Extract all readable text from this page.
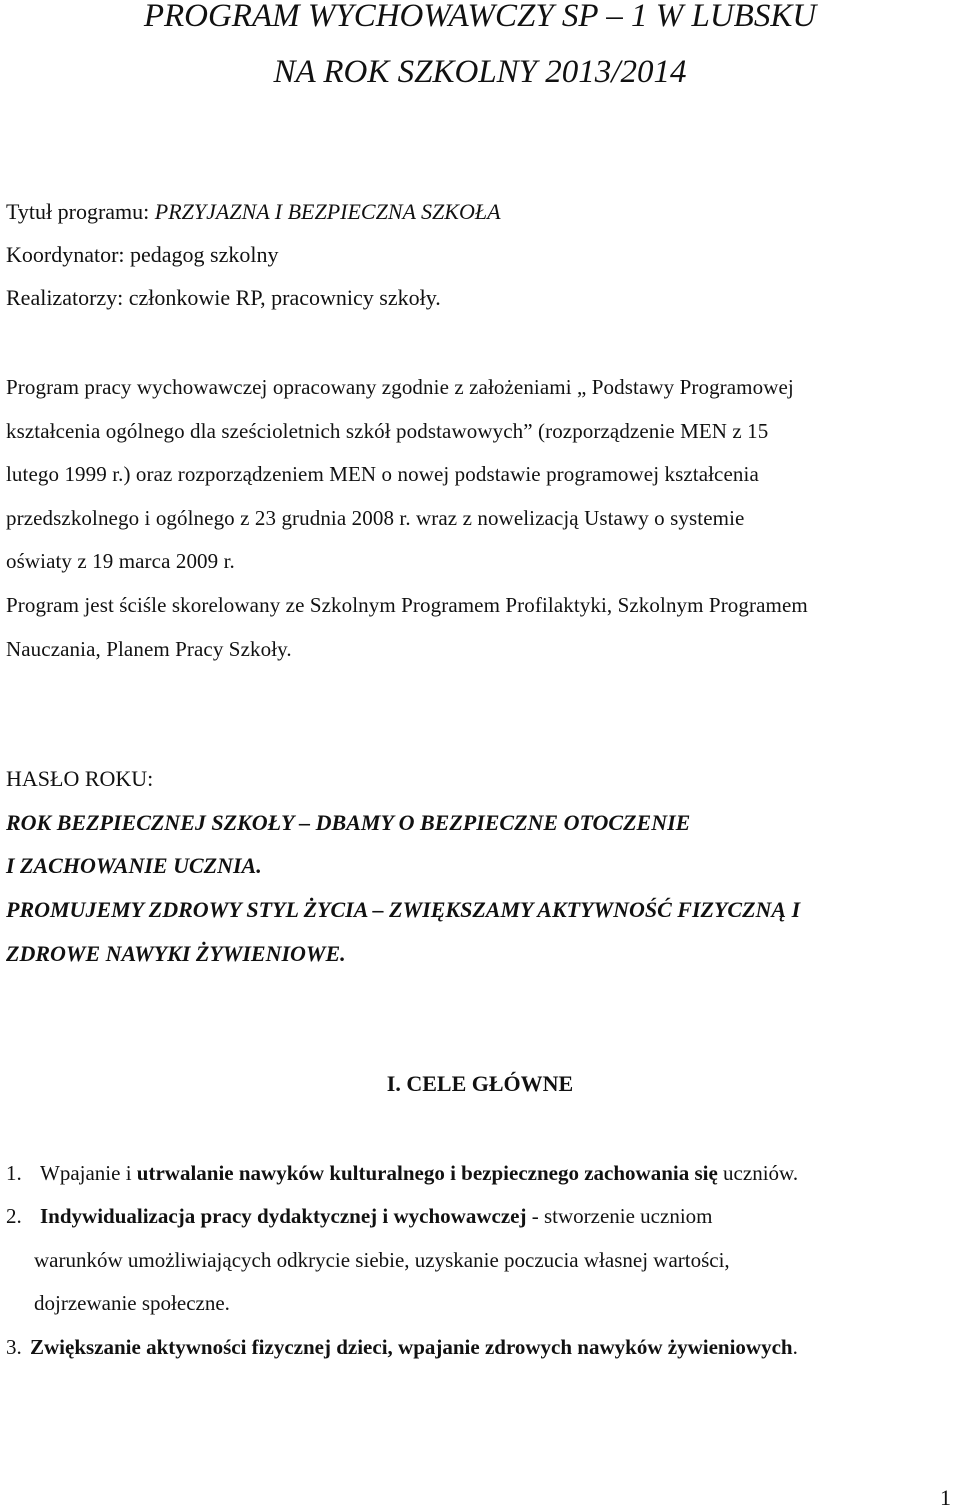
PROGRAM WYCHOWAWCZY SP – 1 W LUBSKU
NA ROK SZKOLNY 2013/2014
Tytuł programu: PRZYJAZNA I BEZPIECZNA SZKOŁA
Koordynator: pedagog szkolny
Realizatorzy: członkowie RP, pracownicy szkoły.
Program pracy wychowawczej opracowany zgodnie z założeniami „ Podstawy Programowej
kształcenia ogólnego dla sześcioletnich szkół podstawowych” (rozporządzenie MEN z 15
lutego 1999 r.) oraz rozporządzeniem MEN o nowej podstawie programowej kształcenia
przedszkolnego i ogólnego z 23 grudnia 2008 r. wraz z nowelizacją Ustawy o systemie
oświaty z 19 marca 2009 r.
Program jest ściśle skorelowany ze Szkolnym Programem Profilaktyki, Szkolnym Programem
Nauczania, Planem Pracy Szkoły.
HASŁO ROKU:
ROK BEZPIECZNEJ SZKOŁY – DBAMY O BEZPIECZNE OTOCZENIE
I ZACHOWANIE UCZNIA.
PROMUJEMY ZDROWY STYL ŻYCIA – ZWIĘKSZAMY AKTYWNOŚĆ FIZYCZNĄ I
ZDROWE NAWYKI ŻYWIENIOWE.
I. CELE GŁÓWNE
1. Wpajanie i utrwalanie nawyków kulturalnego i bezpiecznego zachowania się uczniów.
2. Indywidualizacja pracy dydaktycznej i wychowawczej - stworzenie uczniom
warunków umożliwiających odkrycie siebie, uzyskanie poczucia własnej wartości,
dojrzewanie społeczne.
3. Zwiększanie aktywności fizycznej dzieci, wpajanie zdrowych nawyków żywieniowych.
1
